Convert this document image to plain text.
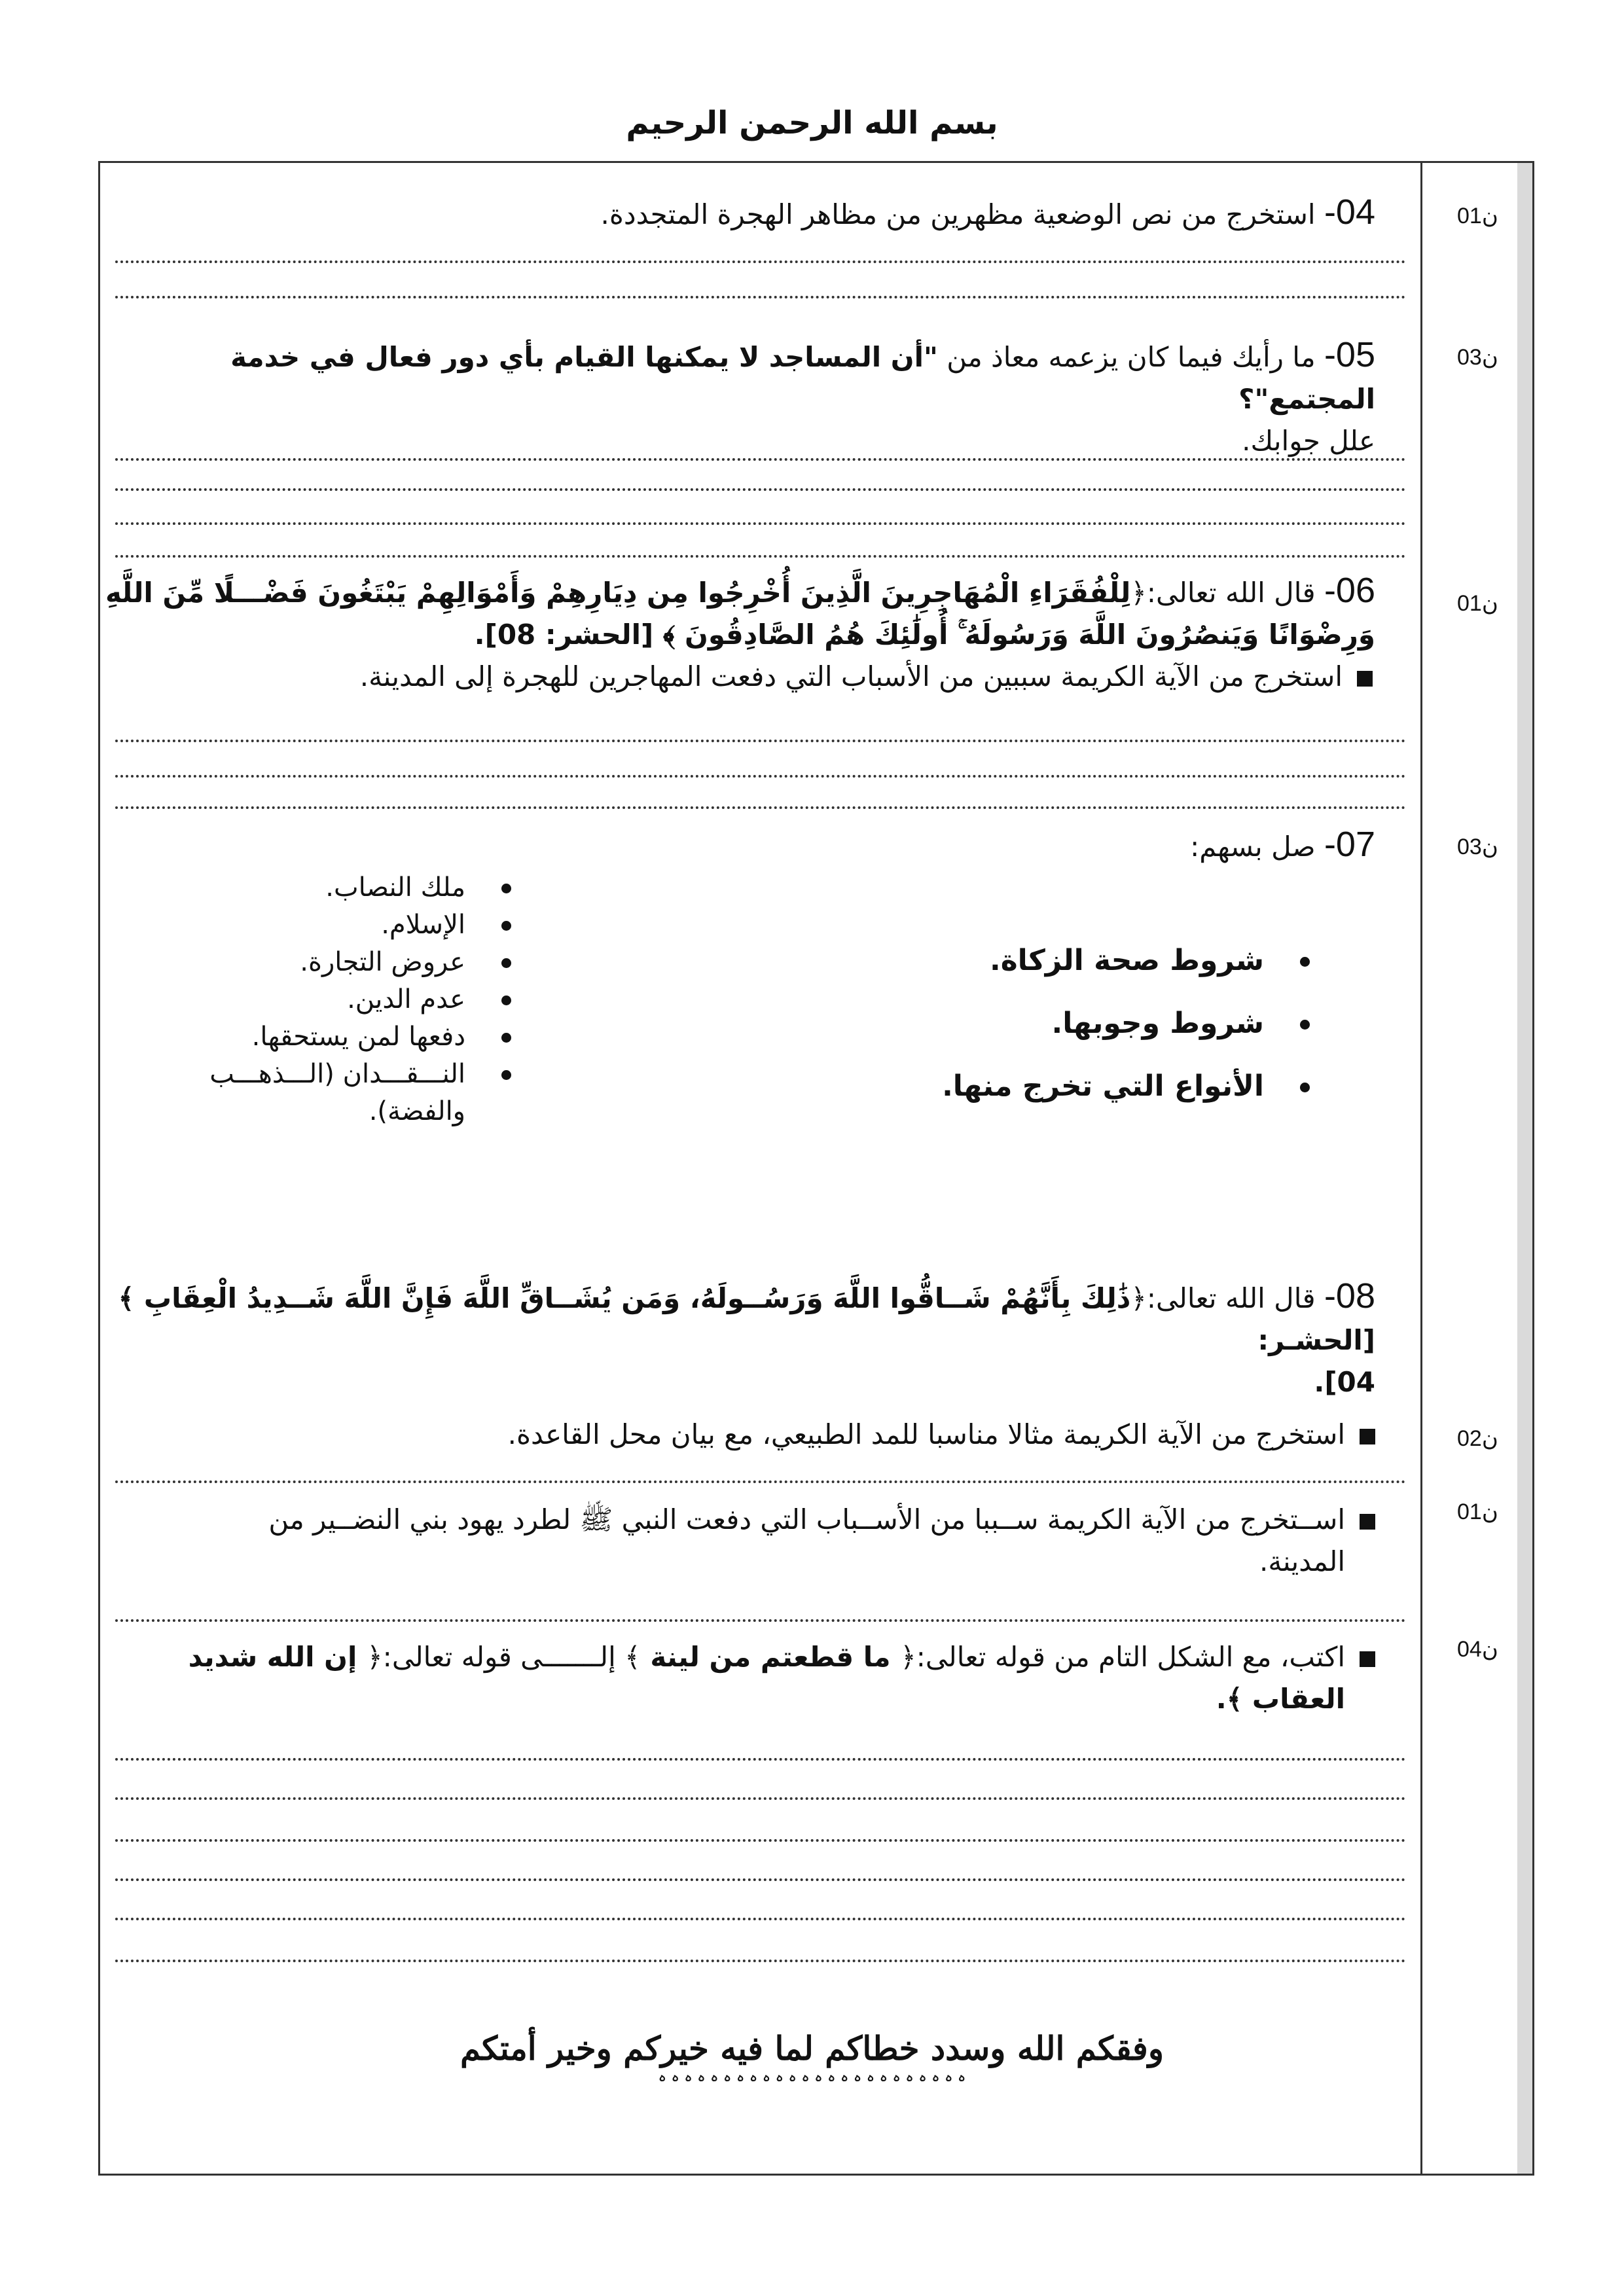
بسم الله الرحمن الرحيم
01ن
03ن
01ن
03ن
02ن
01ن
04ن
04- استخرج من نص الوضعية مظهرين من مظاهر الهجرة المتجددة.
05- ما رأيك فيما كان يزعمه معاذ من "أن المساجد لا يمكنها القيام بأي دور فعال في خدمة المجتمع"؟
علل جوابك.
06- قال الله تعالى:﴿لِلْفُقَرَاءِ الْمُهَاجِرِينَ الَّذِينَ أُخْرِجُوا مِن دِيَارِهِمْ وَأَمْوَالِهِمْ يَبْتَغُونَ فَضْـــلًا مِّنَ اللَّهِ
وَرِضْوَانًا وَيَنصُرُونَ اللَّهَ وَرَسُولَهُ ۚ أُولَٰئِكَ هُمُ الصَّادِقُونَ ﴾ [الحشر: 08].
استخرج من الآية الكريمة سببين من الأسباب التي دفعت المهاجرين للهجرة إلى المدينة.
07- صل بسهم:
شروط صحة الزكاة.
شروط وجوبها.
الأنواع التي تخرج منها.
ملك النصاب.
الإسلام.
عروض التجارة.
عدم الدين.
دفعها لمن يستحقها.
النـــقـــدان (الـــذهـــب
والفضة).
08- قال الله تعالى:﴿ذَٰلِكَ بِأَنَّهُمْ شَــاقُّوا اللَّهَ وَرَسُــولَهُ، وَمَن يُشَــاقِّ اللَّهَ فَإِنَّ اللَّهَ شَــدِيدُ الْعِقَابِ ﴾ [الحشـر:
04].
استخرج من الآية الكريمة مثالا مناسبا للمد الطبيعي، مع بيان محل القاعدة.
اســتخرج من الآية الكريمة ســببا من الأســباب التي دفعت النبي ﷺ لطرد يهود بني النضــير من
المدينة.
اكتب، مع الشكل التام من قوله تعالى:﴿ ما قطعتم من لينة ﴾ إلـــــــى قوله تعالى:﴿ إن الله شديد
العقاب ﴾.
وفقكم الله وسدد خطاكم لما فيه خيركم وخير أمتكم
ہ ہ ہ ہ ہ ہ ہ ہ ہ ہ ہ ہ ہ ہ ہ ہ ہ ہ ہ ہ ہ ہ ہ ہ
